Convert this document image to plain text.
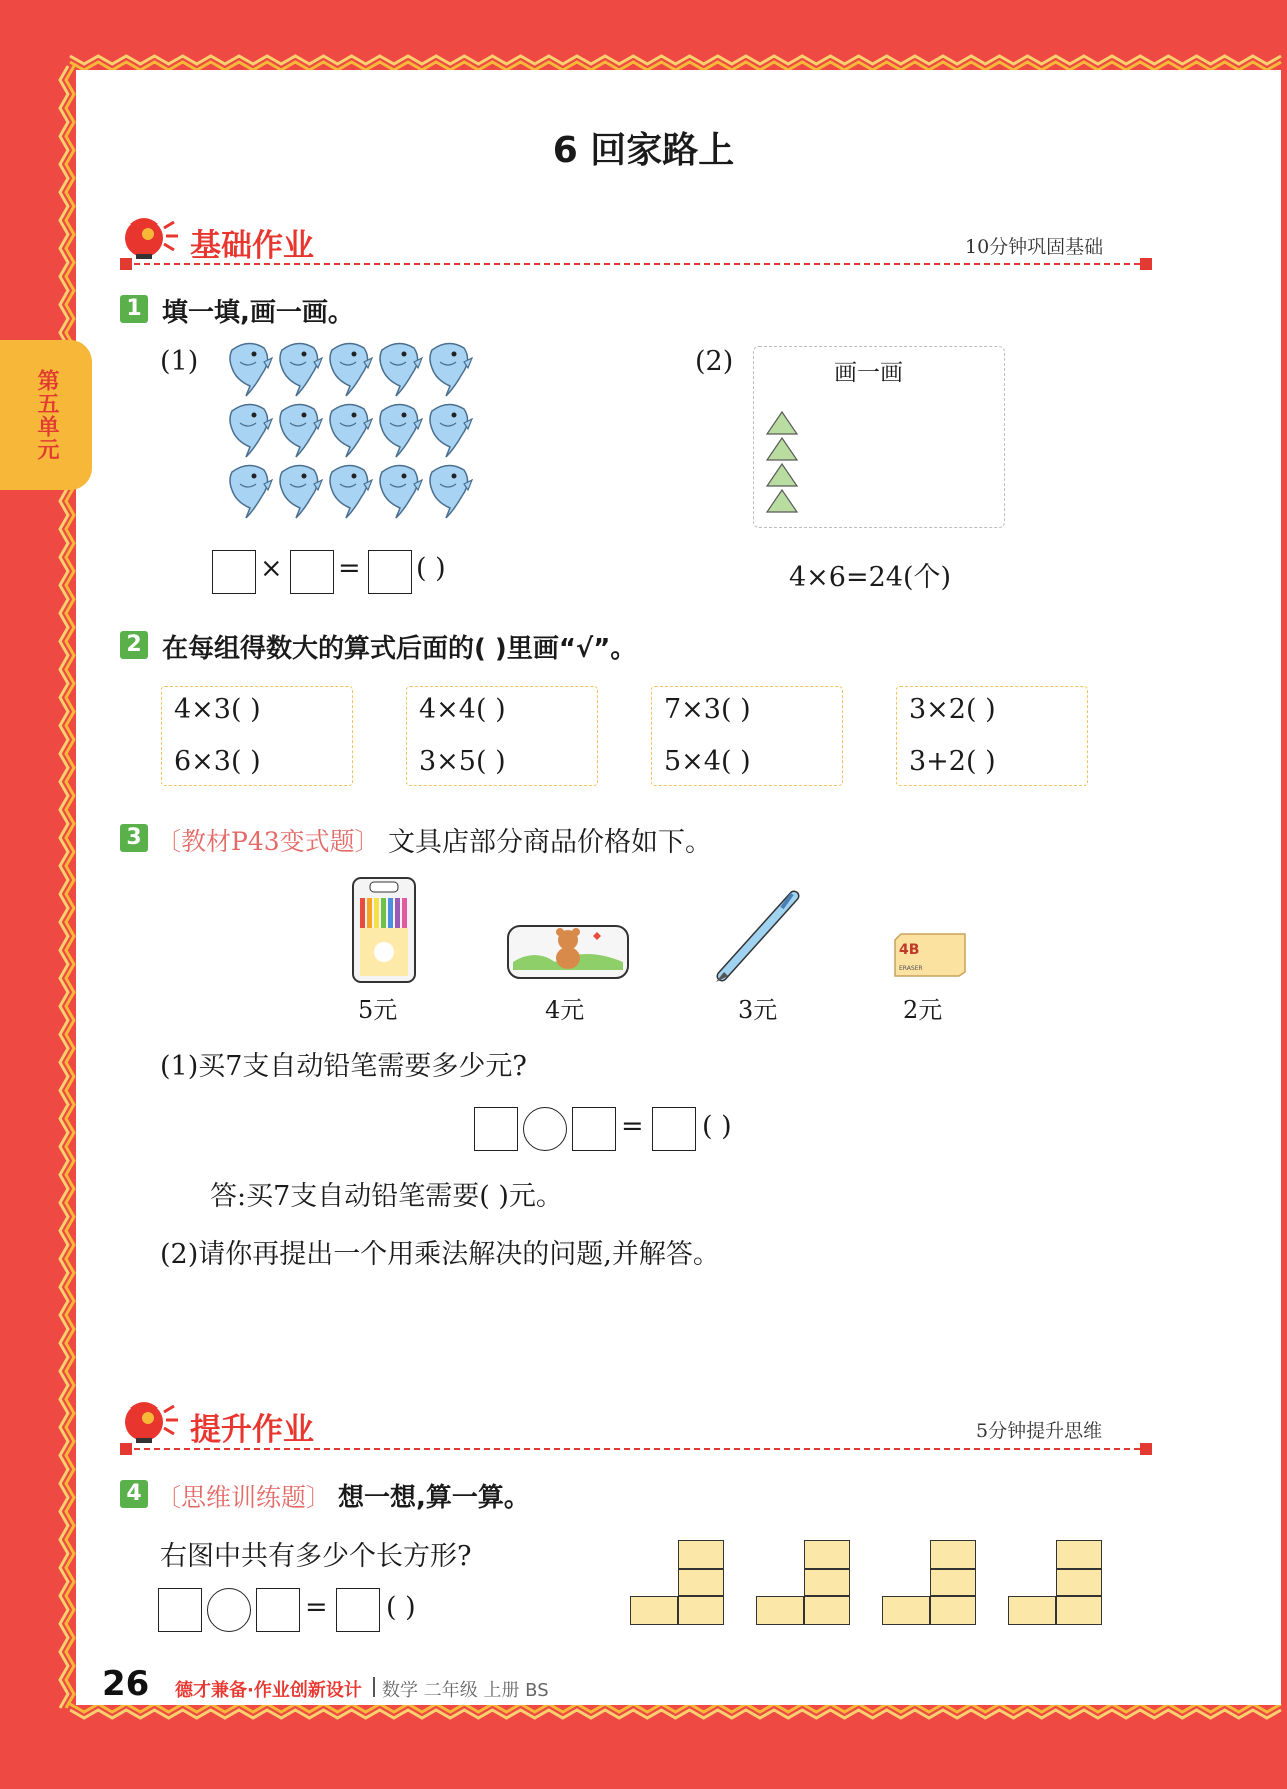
第五单元
6 回家路上
基础作业	10分钟巩固基础
1 填一填,画一画。
(1)
× = ( )
(2)	画一画
4×6=24(个)
2 在每组得数大的算式后面的( )里画“√”。
4×3( )
6×3( )
4×4( )
3×5( )
7×3( )
5×4( )
3×2( )
3+2( )
3 〔教材P43变式题〕 文具店部分商品价格如下。
4B
ERASER
5元	4元	3元	2元
(1)买7支自动铅笔需要多少元?
= ( )
答:买7支自动铅笔需要( )元。
(2)请你再提出一个用乘法解决的问题,并解答。
提升作业	5分钟提升思维
4 〔思维训练题〕 想一想,算一算。
右图中共有多少个长方形?
= ( )
26 德才兼备·作业创新设计 数学 二年级 上册 BS
